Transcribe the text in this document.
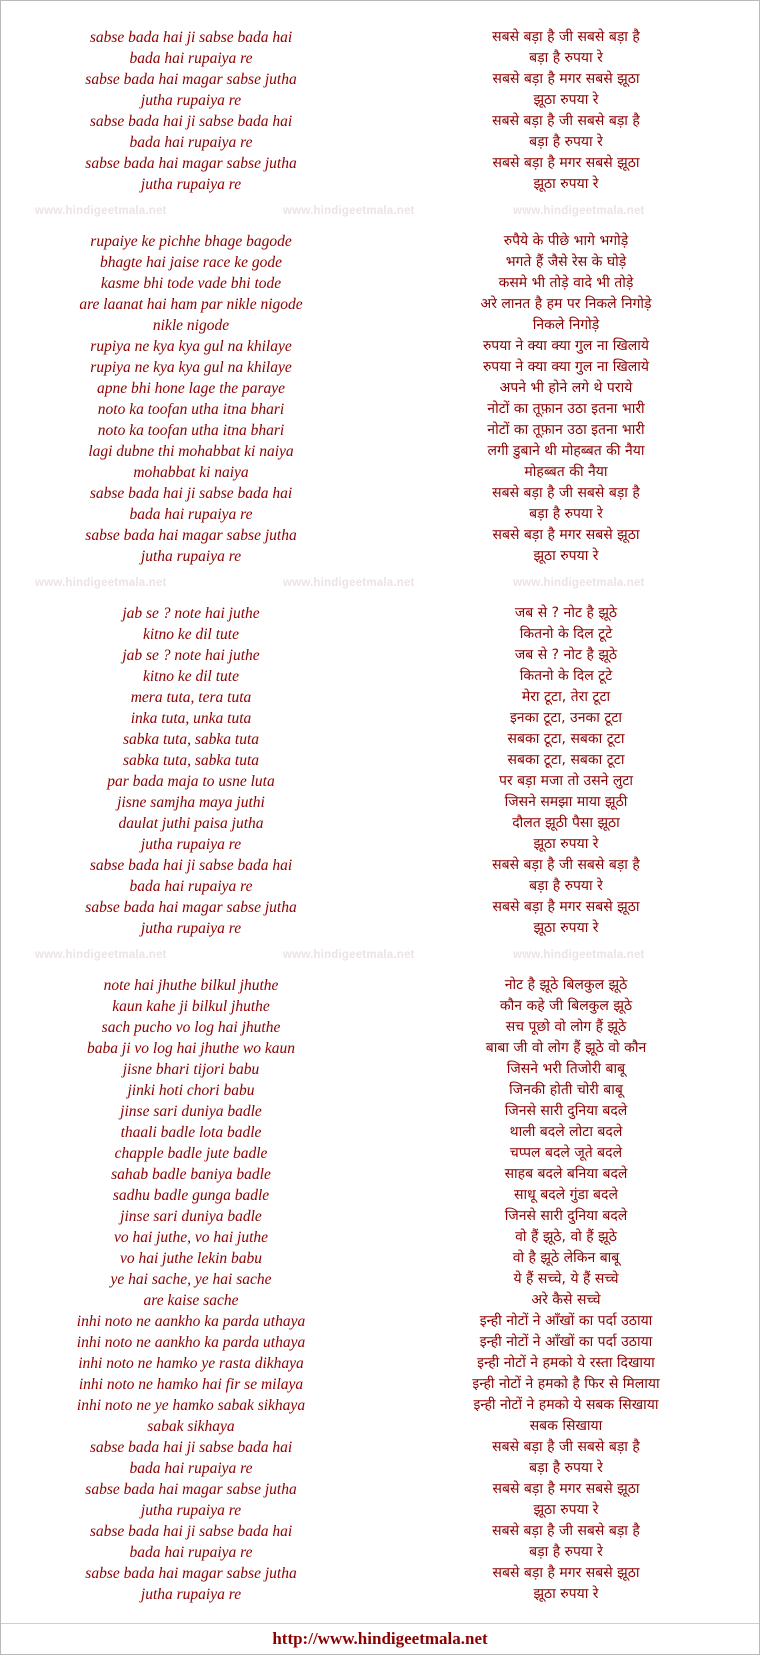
sabse bada hai ji sabse bada hai	सबसे बड़ा है जी सबसे बड़ा है
bada hai rupaiya re	बड़ा है रुपया रे
sabse bada hai magar sabse jutha	सबसे बड़ा है मगर सबसे झूठा
jutha rupaiya re	झूठा रुपया रे
sabse bada hai ji sabse bada hai	सबसे बड़ा है जी सबसे बड़ा है
bada hai rupaiya re	बड़ा है रुपया रे
sabse bada hai magar sabse jutha	सबसे बड़ा है मगर सबसे झूठा
jutha rupaiya re	झूठा रुपया रे
www.hindigeetmala.net	www.hindigeetmala.net	www.hindigeetmala.net
rupaiye ke pichhe bhage bagode	रुपैये के पीछे भागे भगोड़े
bhagte hai jaise race ke gode	भगते हैं जैसे रेस के घोड़े
kasme bhi tode vade bhi tode	कसमे भी तोड़े वादे भी तोड़े
are laanat hai ham par nikle nigode	अरे लानत है हम पर निकले निगोड़े
nikle nigode	निकले निगोड़े
rupiya ne kya kya gul na khilaye	रुपया ने क्या क्या गुल ना खिलाये
rupiya ne kya kya gul na khilaye	रुपया ने क्या क्या गुल ना खिलाये
apne bhi hone lage the paraye	अपने भी होने लगे थे पराये
noto ka toofan utha itna bhari	नोटों का तूफ़ान उठा इतना भारी
noto ka toofan utha itna bhari	नोटों का तूफ़ान उठा इतना भारी
lagi dubne thi mohabbat ki naiya	लगी डुबाने थी मोहब्बत की नैया
mohabbat ki naiya	मोहब्बत की नैया
sabse bada hai ji sabse bada hai	सबसे बड़ा है जी सबसे बड़ा है
bada hai rupaiya re	बड़ा है रुपया रे
sabse bada hai magar sabse jutha	सबसे बड़ा है मगर सबसे झूठा
jutha rupaiya re	झूठा रुपया रे
www.hindigeetmala.net	www.hindigeetmala.net	www.hindigeetmala.net
jab se ? note hai juthe	जब से ? नोट है झूठे
kitno ke dil tute	कितनो के दिल टूटे
jab se ? note hai juthe	जब से ? नोट है झूठे
kitno ke dil tute	कितनो के दिल टूटे
mera tuta, tera tuta	मेरा टूटा, तेरा टूटा
inka tuta, unka tuta	इनका टूटा, उनका टूटा
sabka tuta, sabka tuta	सबका टूटा, सबका टूटा
sabka tuta, sabka tuta	सबका टूटा, सबका टूटा
par bada maja to usne luta	पर बड़ा मजा तो उसने लुटा
jisne samjha maya juthi	जिसने समझा माया झूठी
daulat juthi paisa jutha	दौलत झूठी पैसा झूठा
jutha rupaiya re	झूठा रुपया रे
sabse bada hai ji sabse bada hai	सबसे बड़ा है जी सबसे बड़ा है
bada hai rupaiya re	बड़ा है रुपया रे
sabse bada hai magar sabse jutha	सबसे बड़ा है मगर सबसे झूठा
jutha rupaiya re	झूठा रुपया रे
www.hindigeetmala.net	www.hindigeetmala.net	www.hindigeetmala.net
note hai jhuthe bilkul jhuthe	नोट है झूठे बिलकुल झूठे
kaun kahe ji bilkul jhuthe	कौन कहे जी बिलकुल झूठे
sach pucho vo log hai jhuthe	सच पूछो वो लोग हैं झूठे
baba ji vo log hai jhuthe wo kaun	बाबा जी वो लोग हैं झूठे वो कौन
jisne bhari tijori babu	जिसने भरी तिजोरी बाबू
jinki hoti chori babu	जिनकी होती चोरी बाबू
jinse sari duniya badle	जिनसे सारी दुनिया बदले
thaali badle lota badle	थाली बदले लोटा बदले
chapple badle jute badle	चप्पल बदले जूते बदले
sahab badle baniya badle	साहब बदले बनिया बदले
sadhu badle gunga badle	साधू बदले गुंडा बदले
jinse sari duniya badle	जिनसे सारी दुनिया बदले
vo hai juthe, vo hai juthe	वो हैं झूठे, वो हैं झूठे
vo hai juthe lekin babu	वो है झूठे लेकिन बाबू
ye hai sache, ye hai sache	ये हैं सच्चे, ये हैं सच्चे
are kaise sache	अरे कैसे सच्चे
inhi noto ne aankho ka parda uthaya	इन्ही नोटों ने आँखों का पर्दा उठाया
inhi noto ne aankho ka parda uthaya	इन्ही नोटों ने आँखों का पर्दा उठाया
inhi noto ne hamko ye rasta dikhaya	इन्ही नोटों ने हमको ये रस्ता दिखाया
inhi noto ne hamko hai fir se milaya	इन्ही नोटों ने हमको है फिर से मिलाया
inhi noto ne ye hamko sabak sikhaya	इन्ही नोटों ने हमको ये सबक सिखाया
sabak sikhaya	सबक सिखाया
sabse bada hai ji sabse bada hai	सबसे बड़ा है जी सबसे बड़ा है
bada hai rupaiya re	बड़ा है रुपया रे
sabse bada hai magar sabse jutha	सबसे बड़ा है मगर सबसे झूठा
jutha rupaiya re	झूठा रुपया रे
sabse bada hai ji sabse bada hai	सबसे बड़ा है जी सबसे बड़ा है
bada hai rupaiya re	बड़ा है रुपया रे
sabse bada hai magar sabse jutha	सबसे बड़ा है मगर सबसे झूठा
jutha rupaiya re	झूठा रुपया रे
http://www.hindigeetmala.net
